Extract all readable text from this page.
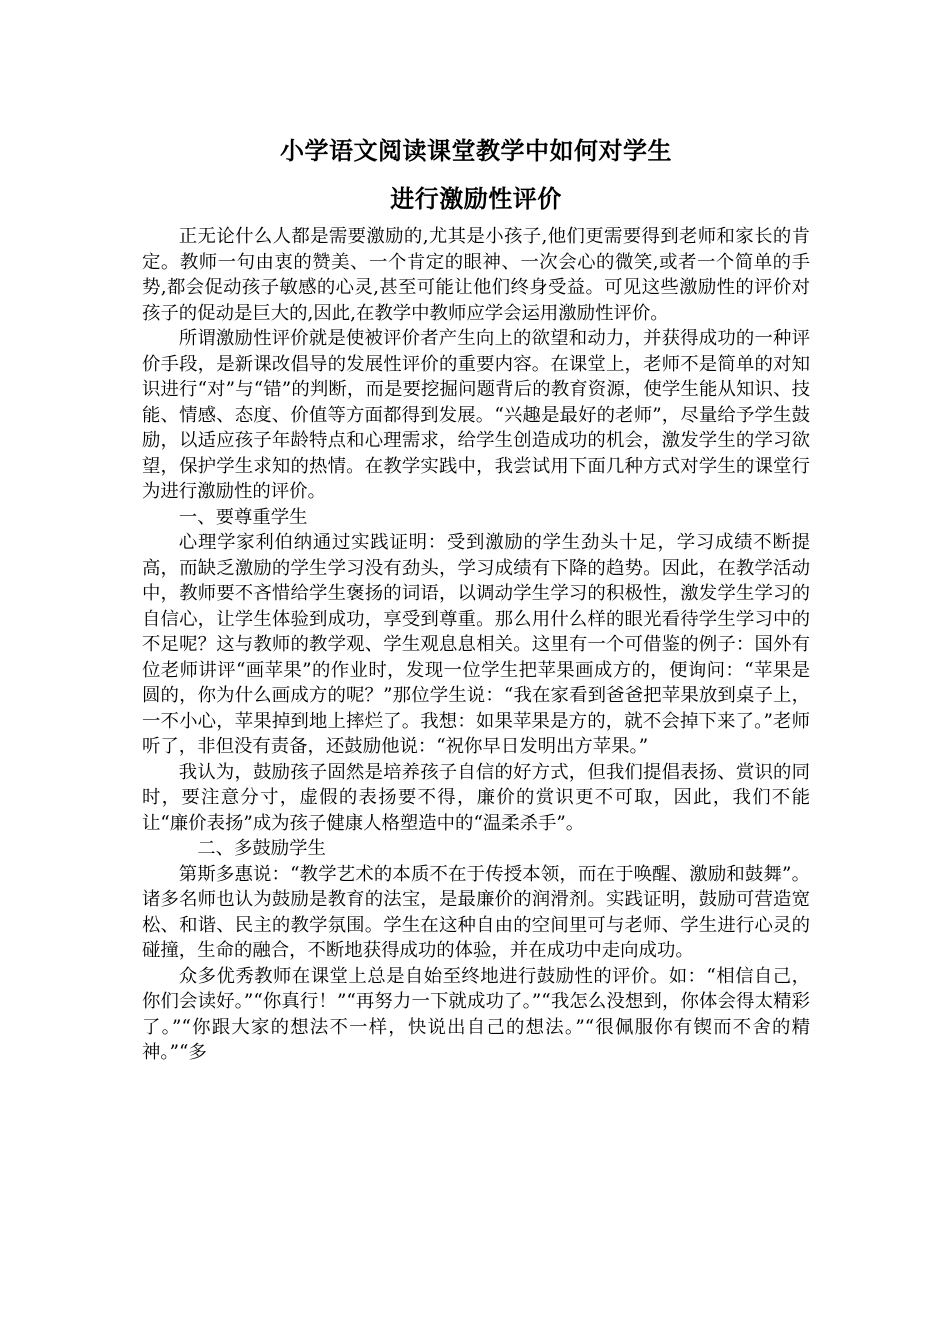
小学语文阅读课堂教学中如何对学生
进行激励性评价

正无论什么人都是需要激励的,尤其是小孩子,他们更需要得到老师和家长的肯定。教师一句由衷的赞美、一个肯定的眼神、一次会心的微笑,或者一个简单的手势,都会促动孩子敏感的心灵,甚至可能让他们终身受益。可见这些激励性的评价对孩子的促动是巨大的,因此,在教学中教师应学会运用激励性评价。

所谓激励性评价就是使被评价者产生向上的欲望和动力，并获得成功的一种评价手段，是新课改倡导的发展性评价的重要内容。在课堂上，老师不是简单的对知识进行“对”与“错”的判断，而是要挖掘问题背后的教育资源，使学生能从知识、技能、情感、态度、价值等方面都得到发展。“兴趣是最好的老师”，尽量给予学生鼓励，以适应孩子年龄特点和心理需求，给学生创造成功的机会，激发学生的学习欲望，保护学生求知的热情。在教学实践中，我尝试用下面几种方式对学生的课堂行为进行激励性的评价。

一、要尊重学生

心理学家利伯纳通过实践证明：受到激励的学生劲头十足，学习成绩不断提高，而缺乏激励的学生学习没有劲头，学习成绩有下降的趋势。因此，在教学活动中，教师要不吝惜给学生褒扬的词语，以调动学生学习的积极性，激发学生学习的自信心，让学生体验到成功，享受到尊重。那么用什么样的眼光看待学生学习中的不足呢？这与教师的教学观、学生观息息相关。这里有一个可借鉴的例子：国外有位老师讲评“画苹果”的作业时，发现一位学生把苹果画成方的，便询问：“苹果是圆的，你为什么画成方的呢？”那位学生说：“我在家看到爸爸把苹果放到桌子上，一不小心，苹果掉到地上摔烂了。我想：如果苹果是方的，就不会掉下来了。”老师听了，非但没有责备，还鼓励他说：“祝你早日发明出方苹果。”

我认为，鼓励孩子固然是培养孩子自信的好方式，但我们提倡表扬、赏识的同时，要注意分寸，虚假的表扬要不得，廉价的赏识更不可取，因此，我们不能让“廉价表扬”成为孩子健康人格塑造中的“温柔杀手”。

二、多鼓励学生

第斯多惠说：“教学艺术的本质不在于传授本领，而在于唤醒、激励和鼓舞”。诸多名师也认为鼓励是教育的法宝，是最廉价的润滑剂。实践证明，鼓励可营造宽松、和谐、民主的教学氛围。学生在这种自由的空间里可与老师、学生进行心灵的碰撞，生命的融合，不断地获得成功的体验，并在成功中走向成功。

众多优秀教师在课堂上总是自始至终地进行鼓励性的评价。如：“相信自己，你们会读好。”“你真行！”“再努力一下就成功了。”“我怎么没想到，你体会得太精彩了。”“你跟大家的想法不一样，快说出自己的想法。”“很佩服你有锲而不舍的精神。”“多
